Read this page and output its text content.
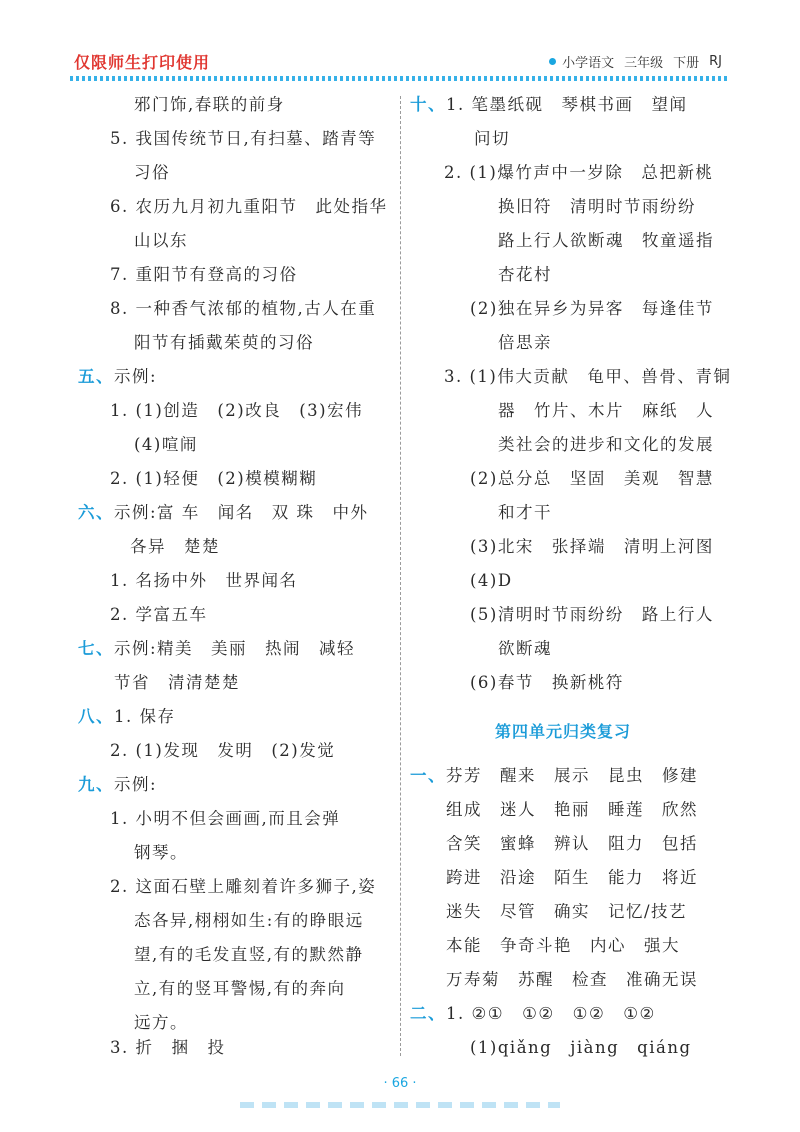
仅限师生打印使用	小学语文 三年级 下册 RJ
邪门饰,春联的前身
5. 我国传统节日,有扫墓、踏青等
习俗
6. 农历九月初九重阳节　此处指华
山以东
7. 重阳节有登高的习俗
8. 一种香气浓郁的植物,古人在重
阳节有插戴茱萸的习俗
五、示例:
1. (1)创造　(2)改良　(3)宏伟
(4)喧闹
2. (1)轻便　(2)模模糊糊
六、示例:富 车　闻名　双 珠　中外
各异　楚楚
1. 名扬中外　世界闻名
2. 学富五车
七、示例:精美　美丽　热闹　减轻
节省　清清楚楚
八、1. 保存
2. (1)发现　发明　(2)发觉
九、示例:
1. 小明不但会画画,而且会弹
钢琴。
2. 这面石壁上雕刻着许多狮子,姿
态各异,栩栩如生:有的睁眼远
望,有的毛发直竖,有的默然静
立,有的竖耳警惕,有的奔向
远方。
3. 折　捆　投
十、1. 笔墨纸砚　琴棋书画　望闻
问切
2. (1)爆竹声中一岁除　总把新桃
换旧符　清明时节雨纷纷
路上行人欲断魂　牧童遥指
杏花村
(2)独在异乡为异客　每逢佳节
倍思亲
3. (1)伟大贡献　龟甲、兽骨、青铜
器　竹片、木片　麻纸　人
类社会的进步和文化的发展
(2)总分总　坚固　美观　智慧
和才干
(3)北宋　张择端　清明上河图
(4)D
(5)清明时节雨纷纷　路上行人
欲断魂
(6)春节　换新桃符
一、芬芳　醒来　展示　昆虫　修建
组成　迷人　艳丽　睡莲　欣然
含笑　蜜蜂　辨认　阻力　包括
跨进　沿途　陌生　能力　将近
迷失　尽管　确实　记忆/技艺
本能　争奇斗艳　内心　强大
万寿菊　苏醒　检查　准确无误
二、1. ②①　①②　①②　①②
(1)qiǎng　jiàng　qiáng
第四单元归类复习
· 66 ·
